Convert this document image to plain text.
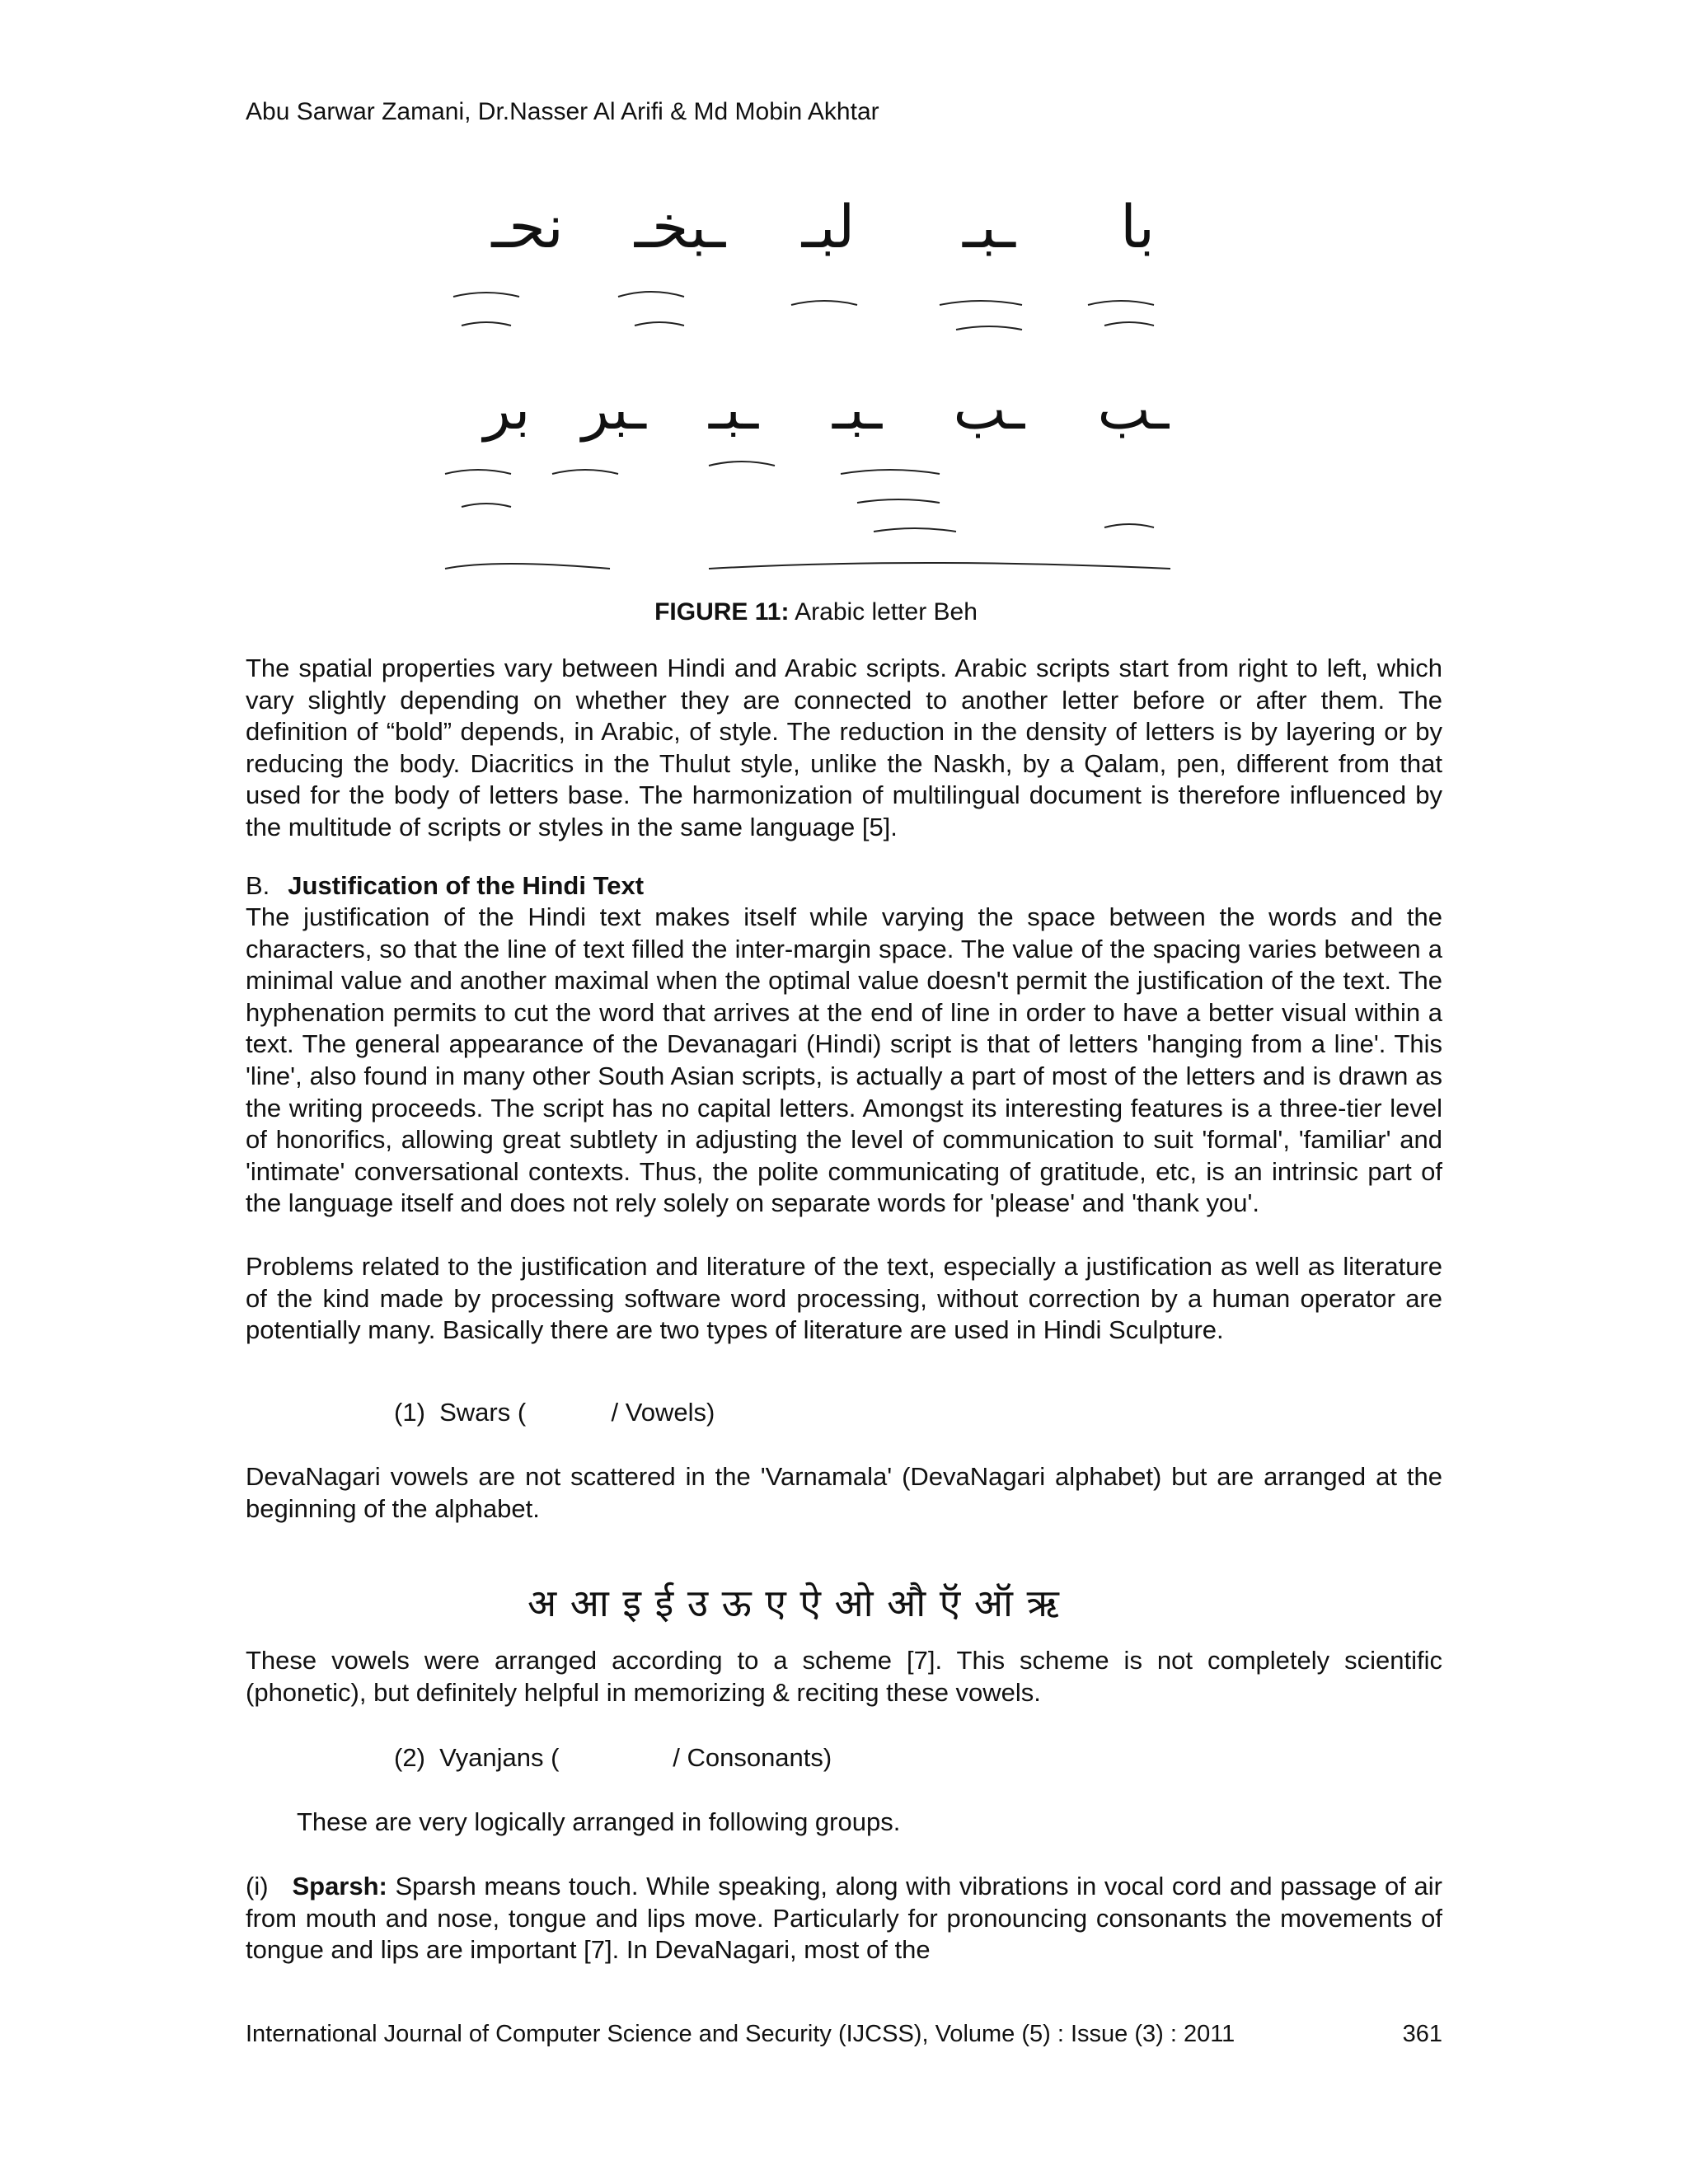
Abu Sarwar Zamani, Dr.Nasser Al Arifi & Md Mobin Akhtar
نحـ ـبخـ لبـ ـبـ با
بر ـبر ـبـ ـبـ ـب ـب
FIGURE 11: Arabic letter Beh

The spatial properties vary between Hindi and Arabic scripts. Arabic scripts start from right to left, which vary slightly depending on whether they are connected to another letter before or after them. The definition of “bold” depends, in Arabic, of style. The reduction in the density of letters is by layering or by reducing the body. Diacritics in the Thulut style, unlike the Naskh, by a Qalam, pen, different from that used for the body of letters base. The harmonization of multilingual document is therefore influenced by the multitude of scripts or styles in the same language [5].

B. Justification of the Hindi Text

The justification of the Hindi text makes itself while varying the space between the words and the characters, so that the line of text filled the inter-margin space. The value of the spacing varies between a minimal value and another maximal when the optimal value doesn't permit the justification of the text. The hyphenation permits to cut the word that arrives at the end of line in order to have a better visual within a text. The general appearance of the Devanagari (Hindi) script is that of letters 'hanging from a line'. This 'line', also found in many other South Asian scripts, is actually a part of most of the letters and is drawn as the writing proceeds. The script has no capital letters. Amongst its interesting features is a three-tier level of honorifics, allowing great subtlety in adjusting the level of communication to suit 'formal', 'familiar' and 'intimate' conversational contexts. Thus, the polite communicating of gratitude, etc, is an intrinsic part of the language itself and does not rely solely on separate words for 'please' and 'thank you'.

Problems related to the justification and literature of the text, especially a justification as well as literature of the kind made by processing software word processing, without correction by a human operator are potentially many. Basically there are two types of literature are used in Hindi Sculpture.

(1)  Swars (            / Vowels)

DevaNagari vowels are not scattered in the 'Varnamala' (DevaNagari alphabet) but are arranged at the beginning of the alphabet.

अ आ इ ई उ ऊ ए ऐ ओ औ ऍ ऑ ऋ

These vowels were arranged according to a scheme [7]. This scheme is not completely scientific (phonetic), but definitely helpful in memorizing & reciting these vowels.

(2)  Vyanjans (                / Consonants)

These are very logically arranged in following groups.

(i) Sparsh: Sparsh means touch. While speaking, along with vibrations in vocal cord and passage of air from mouth and nose, tongue and lips move. Particularly for pronouncing consonants the movements of tongue and lips are important [7]. In DevaNagari, most of the

International Journal of Computer Science and Security (IJCSS), Volume (5) : Issue (3) : 2011	361
